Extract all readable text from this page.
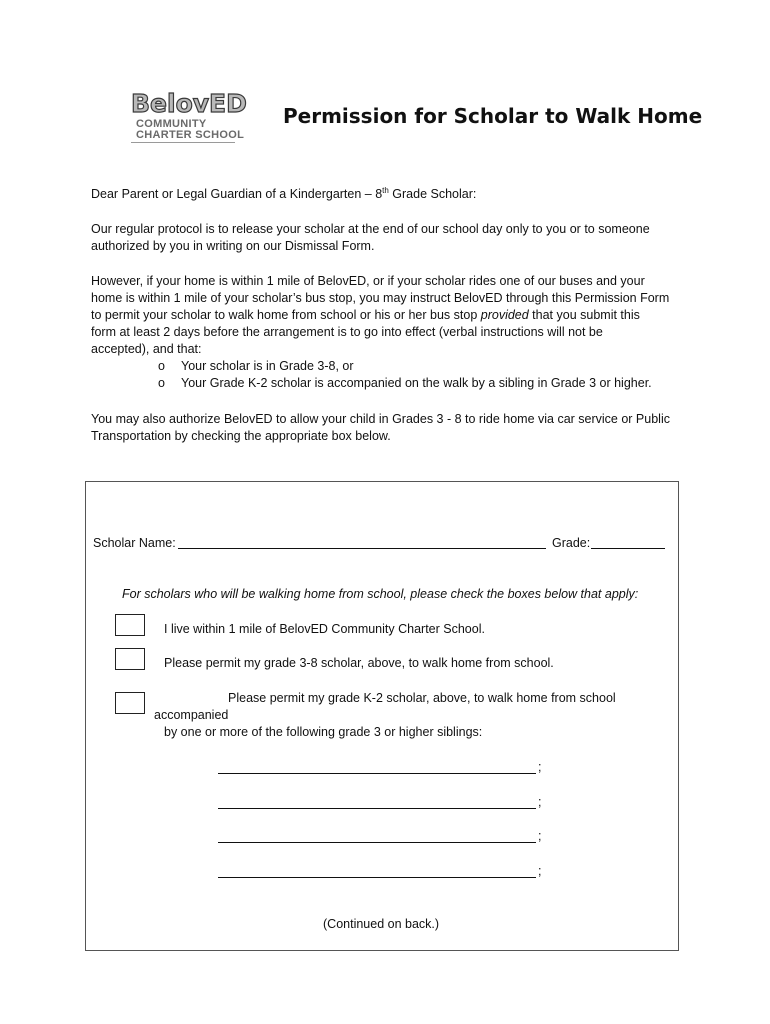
BelovED
COMMUNITY
CHARTER SCHOOL
Permission for Scholar to Walk Home
Dear Parent or Legal Guardian of a Kindergarten – 8th Grade Scholar:
Our regular protocol is to release your scholar at the end of our school day only to you or to someone
authorized by you in writing on our Dismissal Form.
However, if your home is within 1 mile of BelovED, or if your scholar rides one of our buses and your
home is within 1 mile of your scholar’s bus stop, you may instruct BelovED through this Permission Form
to permit your scholar to walk home from school or his or her bus stop provided that you submit this
form at least 2 days before the arrangement is to go into effect (verbal instructions will not be
accepted), and that:
o Your scholar is in Grade 3-8, or
o Your Grade K-2 scholar is accompanied on the walk by a sibling in Grade 3 or higher.
You may also authorize BelovED to allow your child in Grades 3 - 8 to ride home via car service or Public
Transportation by checking the appropriate box below.
Scholar Name:	Grade:
For scholars who will be walking home from school, please check the boxes below that apply:
I live within 1 mile of BelovED Community Charter School.
Please permit my grade 3-8 scholar, above, to walk home from school.
Please permit my grade K-2 scholar, above, to walk home from school
accompanied
by one or more of the following grade 3 or higher siblings:
;
;
;
;
(Continued on back.)
